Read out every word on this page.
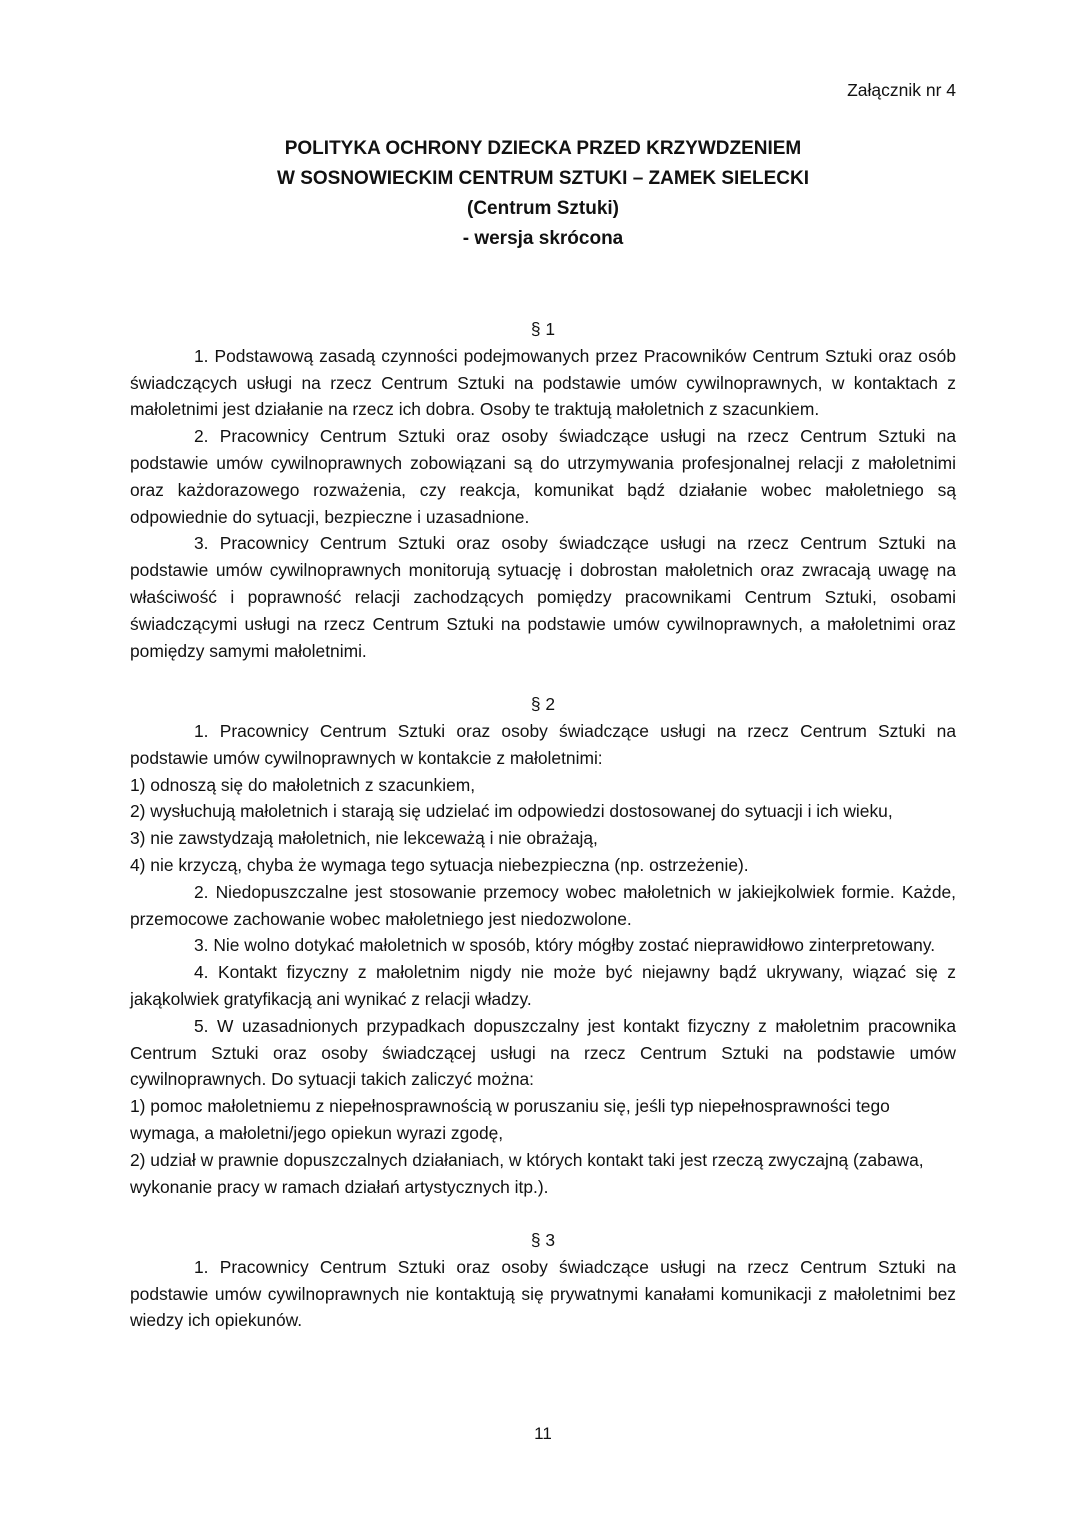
Załącznik nr 4
POLITYKA OCHRONY DZIECKA PRZED KRZYWDZENIEM
W SOSNOWIECKIM CENTRUM SZTUKI – ZAMEK SIELECKI
(Centrum Sztuki)
- wersja skrócona

§ 1

1. Podstawową zasadą czynności podejmowanych przez Pracowników Centrum Sztuki oraz osób świadczących usługi na rzecz Centrum Sztuki na podstawie umów cywilnoprawnych, w kontaktach z małoletnimi jest działanie na rzecz ich dobra. Osoby te traktują małoletnich z szacunkiem.

2. Pracownicy Centrum Sztuki oraz osoby świadczące usługi na rzecz Centrum Sztuki na podstawie umów cywilnoprawnych zobowiązani są do utrzymywania profesjonalnej relacji z małoletnimi oraz każdorazowego rozważenia, czy reakcja, komunikat bądź działanie wobec małoletniego są odpowiednie do sytuacji, bezpieczne i uzasadnione.

3. Pracownicy Centrum Sztuki oraz osoby świadczące usługi na rzecz Centrum Sztuki na podstawie umów cywilnoprawnych monitorują sytuację i dobrostan małoletnich oraz zwracają uwagę na właściwość i poprawność relacji zachodzących pomiędzy pracownikami Centrum Sztuki, osobami świadczącymi usługi na rzecz Centrum Sztuki na podstawie umów cywilnoprawnych, a małoletnimi oraz pomiędzy samymi małoletnimi.

§ 2

1. Pracownicy Centrum Sztuki oraz osoby świadczące usługi na rzecz Centrum Sztuki na podstawie umów cywilnoprawnych w kontakcie z małoletnimi:

1) odnoszą się do małoletnich z szacunkiem,

2) wysłuchują małoletnich i starają się udzielać im odpowiedzi dostosowanej do sytuacji i ich wieku,

3) nie zawstydzają małoletnich, nie lekceważą i nie obrażają,

4) nie krzyczą, chyba że wymaga tego sytuacja niebezpieczna (np. ostrzeżenie).

2. Niedopuszczalne jest stosowanie przemocy wobec małoletnich w jakiejkolwiek formie. Każde, przemocowe zachowanie wobec małoletniego jest niedozwolone.

3. Nie wolno dotykać małoletnich w sposób, który mógłby zostać nieprawidłowo zinterpretowany.

4. Kontakt fizyczny z małoletnim nigdy nie może być niejawny bądź ukrywany, wiązać się z jakąkolwiek gratyfikacją ani wynikać z relacji władzy.

5. W uzasadnionych przypadkach dopuszczalny jest kontakt fizyczny z małoletnim pracownika Centrum Sztuki oraz osoby świadczącej usługi na rzecz Centrum Sztuki na podstawie umów cywilnoprawnych. Do sytuacji takich zaliczyć można:

1) pomoc małoletniemu z niepełnosprawnością w poruszaniu się, jeśli typ niepełnosprawności tego wymaga, a małoletni/jego opiekun wyrazi zgodę,

2) udział w prawnie dopuszczalnych działaniach, w których kontakt taki jest rzeczą zwyczajną (zabawa, wykonanie pracy w ramach działań artystycznych itp.).

§ 3

1. Pracownicy Centrum Sztuki oraz osoby świadczące usługi na rzecz Centrum Sztuki na podstawie umów cywilnoprawnych nie kontaktują się prywatnymi kanałami komunikacji z małoletnimi bez wiedzy ich opiekunów.

11
